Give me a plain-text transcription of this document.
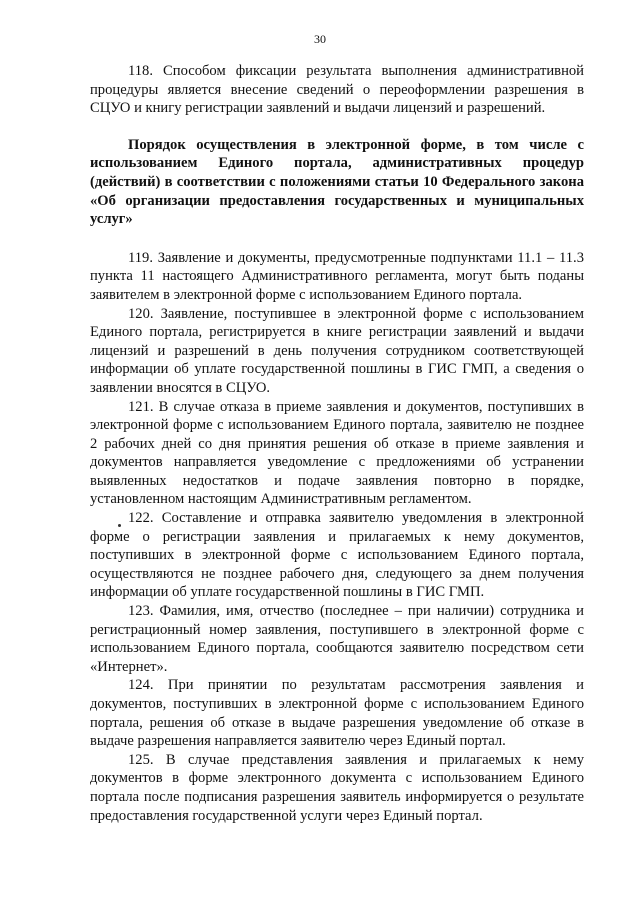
30

118. Способом фиксации результата выполнения административной процедуры является внесение сведений о переоформлении разрешения в СЦУО и книгу регистрации заявлений и выдачи лицензий и разрешений.

Порядок осуществления в электронной форме, в том числе с использованием Единого портала, административных процедур (действий) в соответствии с положениями статьи 10 Федерального закона «Об организации предоставления государственных и муниципальных услуг»

119. Заявление и документы, предусмотренные подпунктами 11.1 – 11.3 пункта 11 настоящего Административного регламента, могут быть поданы заявителем в электронной форме с использованием Единого портала.

120. Заявление, поступившее в электронной форме с использованием Единого портала, регистрируется в книге регистрации заявлений и выдачи лицензий и разрешений в день получения сотрудником соответствующей информации об уплате государственной пошлины в ГИС ГМП, а сведения о заявлении вносятся в СЦУО.

121. В случае отказа в приеме заявления и документов, поступивших в электронной форме с использованием Единого портала, заявителю не позднее 2 рабочих дней со дня принятия решения об отказе в приеме заявления и документов направляется уведомление с предложениями об устранении выявленных недостатков и подаче заявления повторно в порядке, установленном настоящим Административным регламентом.

122. Составление и отправка заявителю уведомления в электронной форме о регистрации заявления и прилагаемых к нему документов, поступивших в электронной форме с использованием Единого портала, осуществляются не позднее рабочего дня, следующего за днем получения информации об уплате государственной пошлины в ГИС ГМП.

123. Фамилия, имя, отчество (последнее – при наличии) сотрудника и регистрационный номер заявления, поступившего в электронной форме с использованием Единого портала, сообщаются заявителю посредством сети «Интернет».

124. При принятии по результатам рассмотрения заявления и документов, поступивших в электронной форме с использованием Единого портала, решения об отказе в выдаче разрешения уведомление об отказе в выдаче разрешения направляется заявителю через Единый портал.

125. В случае представления заявления и прилагаемых к нему документов в форме электронного документа с использованием Единого портала после подписания разрешения заявитель информируется о результате предоставления государственной услуги через Единый портал.
